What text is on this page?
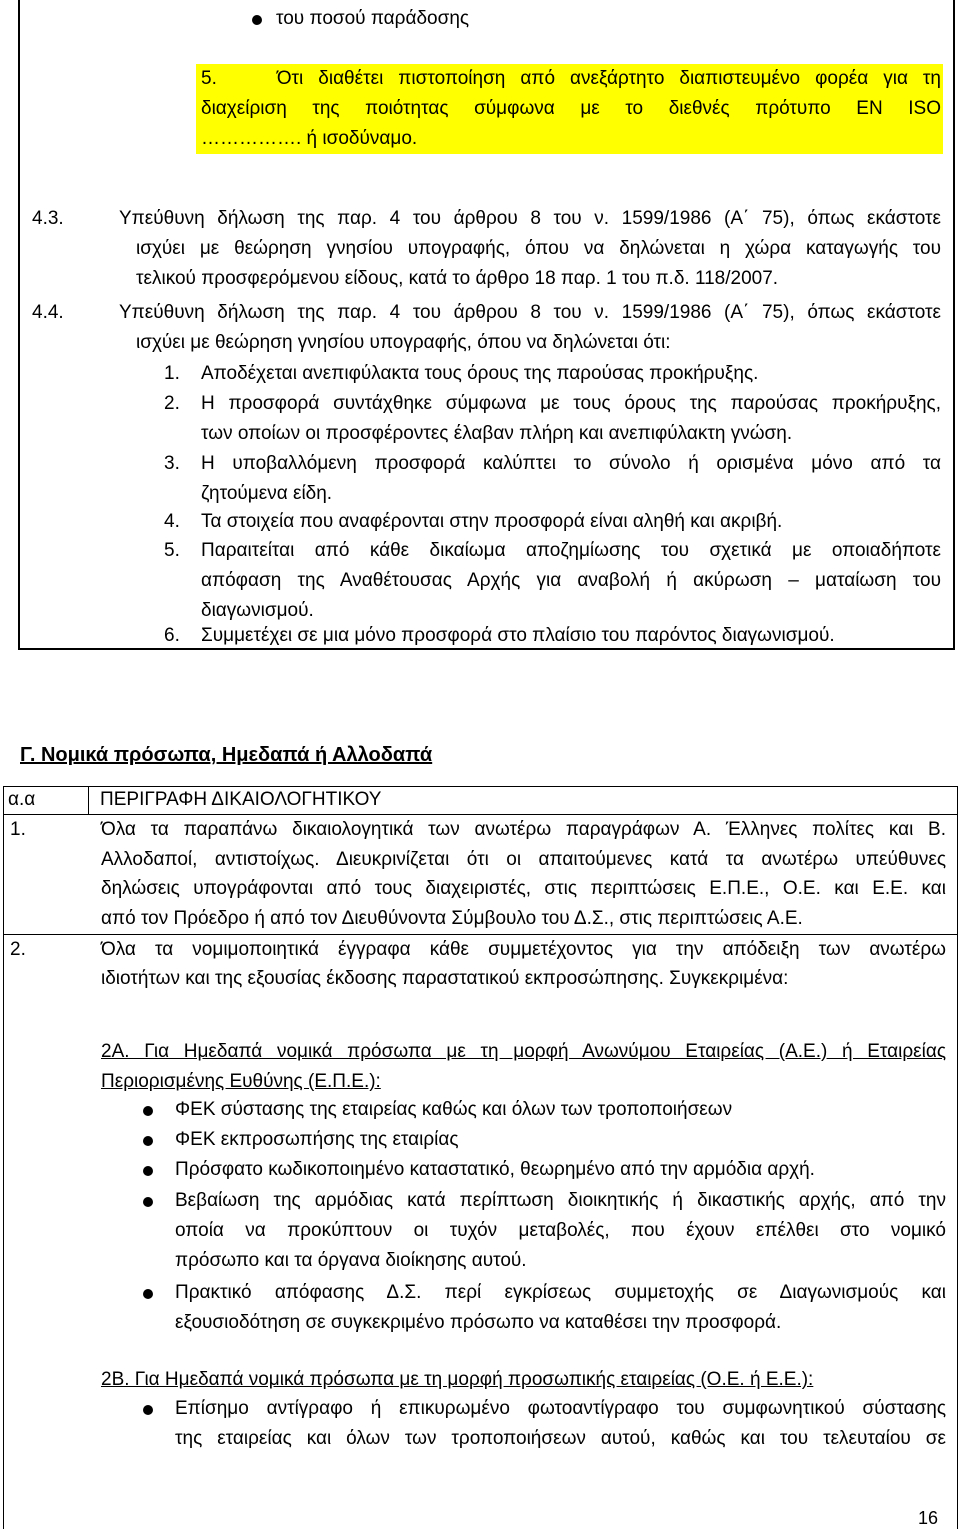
του ποσού παράδοσης
5.    Ότι διαθέτει πιστοποίηση από ανεξάρτητο διαπιστευμένο φορέα για τη
διαχείριση της ποιότητας σύμφωνα με το διεθνές πρότυπο EN ISO
……………. ή ισοδύναμο.
4.3.	Υπεύθυνη δήλωση της παρ. 4 του άρθρου 8 του ν. 1599/1986 (Α΄ 75), όπως εκάστοτε
ισχύει με θεώρηση γνησίου υπογραφής, όπου να δηλώνεται η χώρα καταγωγής του
τελικού προσφερόμενου είδους, κατά το άρθρο 18 παρ. 1 του π.δ. 118/2007.
4.4.	Υπεύθυνη δήλωση της παρ. 4 του άρθρου 8 του ν. 1599/1986 (Α΄ 75), όπως εκάστοτε
ισχύει με θεώρηση γνησίου υπογραφής, όπου να δηλώνεται ότι:
1. Αποδέχεται ανεπιφύλακτα τους όρους της παρούσας προκήρυξης.
2. Η προσφορά συντάχθηκε σύμφωνα με τους όρους της παρούσας προκήρυξης,
των οποίων οι προσφέροντες έλαβαν πλήρη και ανεπιφύλακτη γνώση.
3. Η υποβαλλόμενη προσφορά καλύπτει το σύνολο ή ορισμένα μόνο από τα
ζητούμενα είδη.
4. Τα στοιχεία που αναφέρονται στην προσφορά είναι αληθή και ακριβή.
5. Παραιτείται από κάθε δικαίωμα αποζημίωσης του σχετικά με οποιαδήποτε
απόφαση της Αναθέτουσας Αρχής για αναβολή ή ακύρωση – ματαίωση του
διαγωνισμού.
6. Συμμετέχει σε μια μόνο προσφορά στο πλαίσιο του παρόντος διαγωνισμού.
Γ. Νομικά πρόσωπα, Ημεδαπά ή Αλλοδαπά
α.α	ΠΕΡΙΓΡΑΦΗ ΔΙΚΑΙΟΛΟΓΗΤΙΚΟΥ
1.	Όλα τα παραπάνω δικαιολογητικά των ανωτέρω παραγράφων Α. Έλληνες πολίτες και Β.
Αλλοδαποί, αντιστοίχως. Διευκρινίζεται ότι οι απαιτούμενες κατά τα ανωτέρω υπεύθυνες
δηλώσεις υπογράφονται από τους διαχειριστές, στις περιπτώσεις Ε.Π.Ε., Ο.Ε. και Ε.Ε. και
από τον Πρόεδρο ή από τον Διευθύνοντα Σύμβουλο του Δ.Σ., στις περιπτώσεις Α.Ε.
2.	Όλα τα νομιμοποιητικά έγγραφα κάθε συμμετέχοντος για την απόδειξη των ανωτέρω
ιδιοτήτων και της εξουσίας έκδοσης παραστατικού εκπροσώπησης. Συγκεκριμένα:
2Α. Για Ημεδαπά νομικά πρόσωπα με τη μορφή Ανωνύμου Εταιρείας (Α.Ε.) ή Εταιρείας
Περιορισμένης Ευθύνης (Ε.Π.Ε.):
ΦΕΚ σύστασης της εταιρείας καθώς και όλων των τροποποιήσεων
ΦΕΚ εκπροσωπήσης της εταιρίας
Πρόσφατο κωδικοποιημένο καταστατικό, θεωρημένο από την αρμόδια αρχή.
Βεβαίωση της αρμόδιας κατά περίπτωση διοικητικής ή δικαστικής αρχής, από την
οποία να προκύπτουν οι τυχόν μεταβολές, που έχουν επέλθει στο νομικό
πρόσωπο και τα όργανα διοίκησης αυτού.
Πρακτικό απόφασης Δ.Σ. περί εγκρίσεως συμμετοχής σε Διαγωνισμούς και
εξουσιοδότηση σε συγκεκριμένο πρόσωπο να καταθέσει την προσφορά.
2Β. Για Ημεδαπά νομικά πρόσωπα με τη μορφή προσωπικής εταιρείας (Ο.Ε. ή Ε.Ε.):
Επίσημο αντίγραφο ή επικυρωμένο φωτοαντίγραφο του συμφωνητικού σύστασης
της εταιρείας και όλων των τροποποιήσεων αυτού, καθώς και του τελευταίου σε
16
